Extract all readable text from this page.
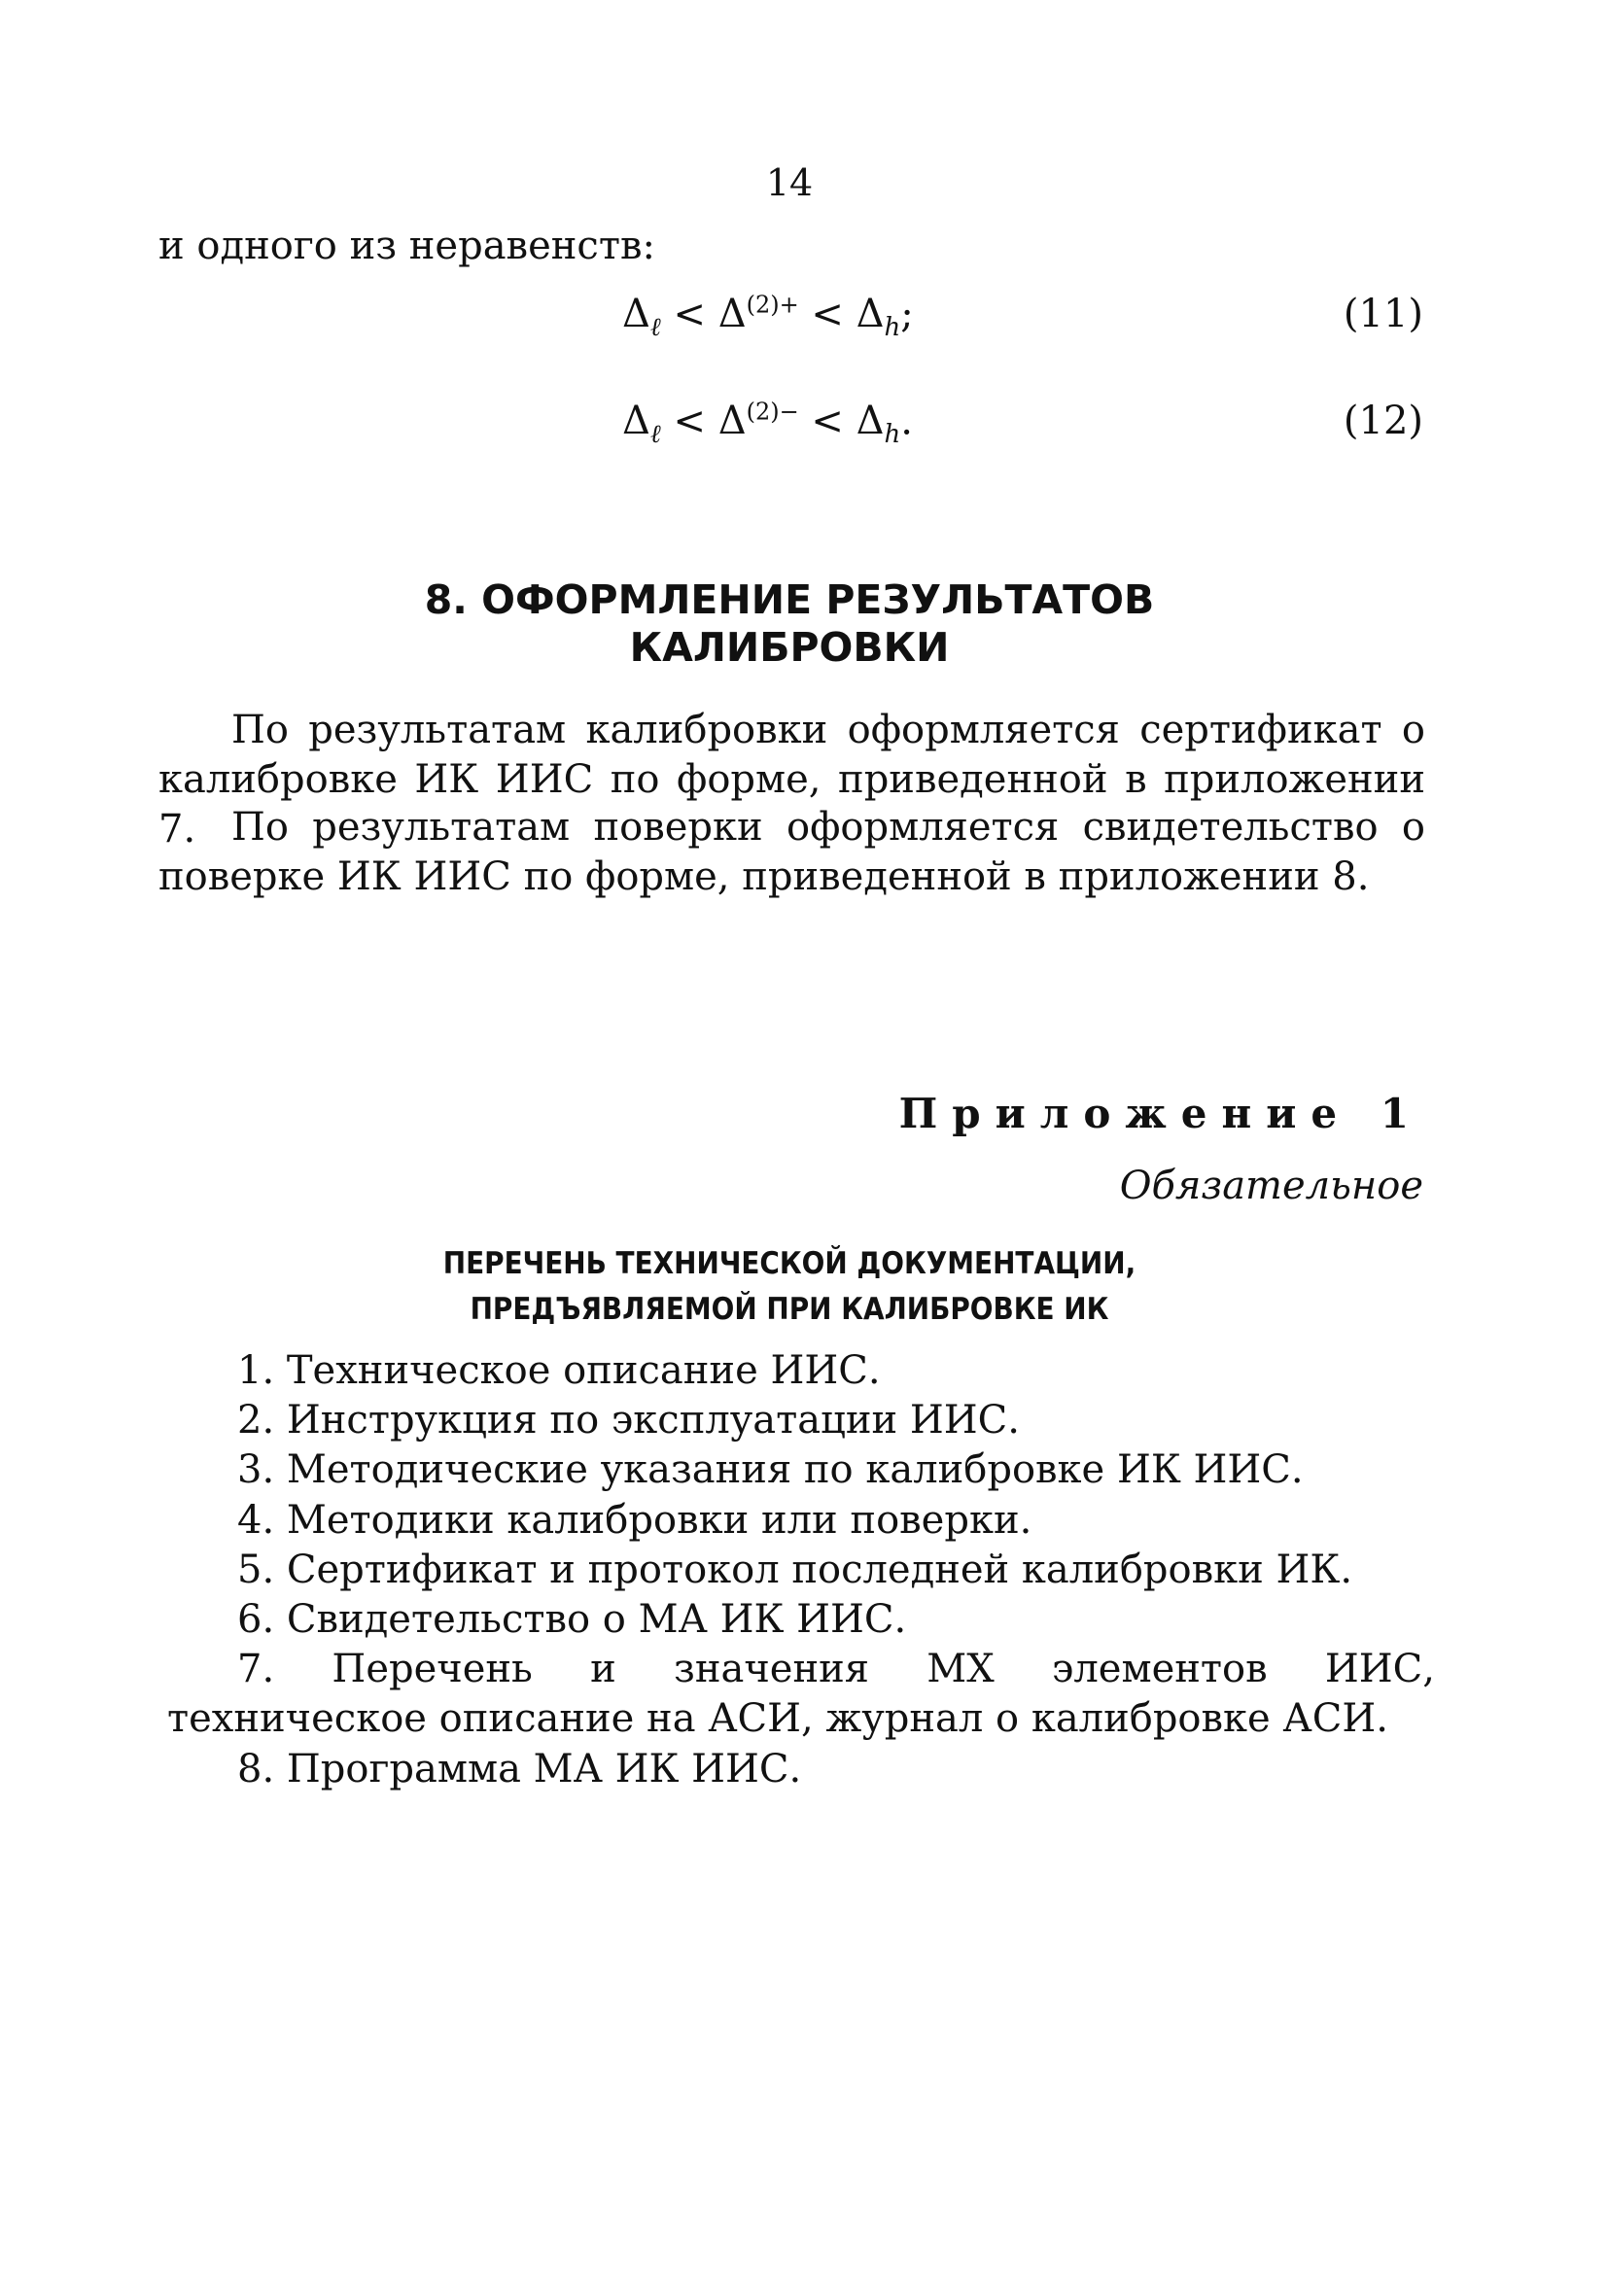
14
и одного из неравенств:
$\Delta_\ell < \Delta^{(2)+} < \Delta_h$;	(11)
$\Delta_\ell < \Delta^{(2)-} < \Delta_h$.	(12)
8. ОФОРМЛЕНИЕ РЕЗУЛЬТАТОВ
КАЛИБРОВКИ

По результатам калибровки оформляется сертификат о калибровке ИК ИИС по форме, приведенной в приложении 7. По результатам поверки оформляется свидетельство о поверке ИК ИИС по форме, приведенной в приложении 8.

Приложение 1
Обязательное
ПЕРЕЧЕНЬ ТЕХНИЧЕСКОЙ ДОКУМЕНТАЦИИ,
ПРЕДЪЯВЛЯЕМОЙ ПРИ КАЛИБРОВКЕ ИК

1. Техническое описание ИИС.

2. Инструкция по эксплуатации ИИС.

3. Методические указания по калибровке ИК ИИС.

4. Методики калибровки или поверки.

5. Сертификат и протокол последней калибровки ИК.

6. Свидетельство о МА ИК ИИС.

7. Перечень и значения МХ элементов ИИС, техническое описание на АСИ, журнал о калибровке АСИ.

8. Программа МА ИК ИИС.
